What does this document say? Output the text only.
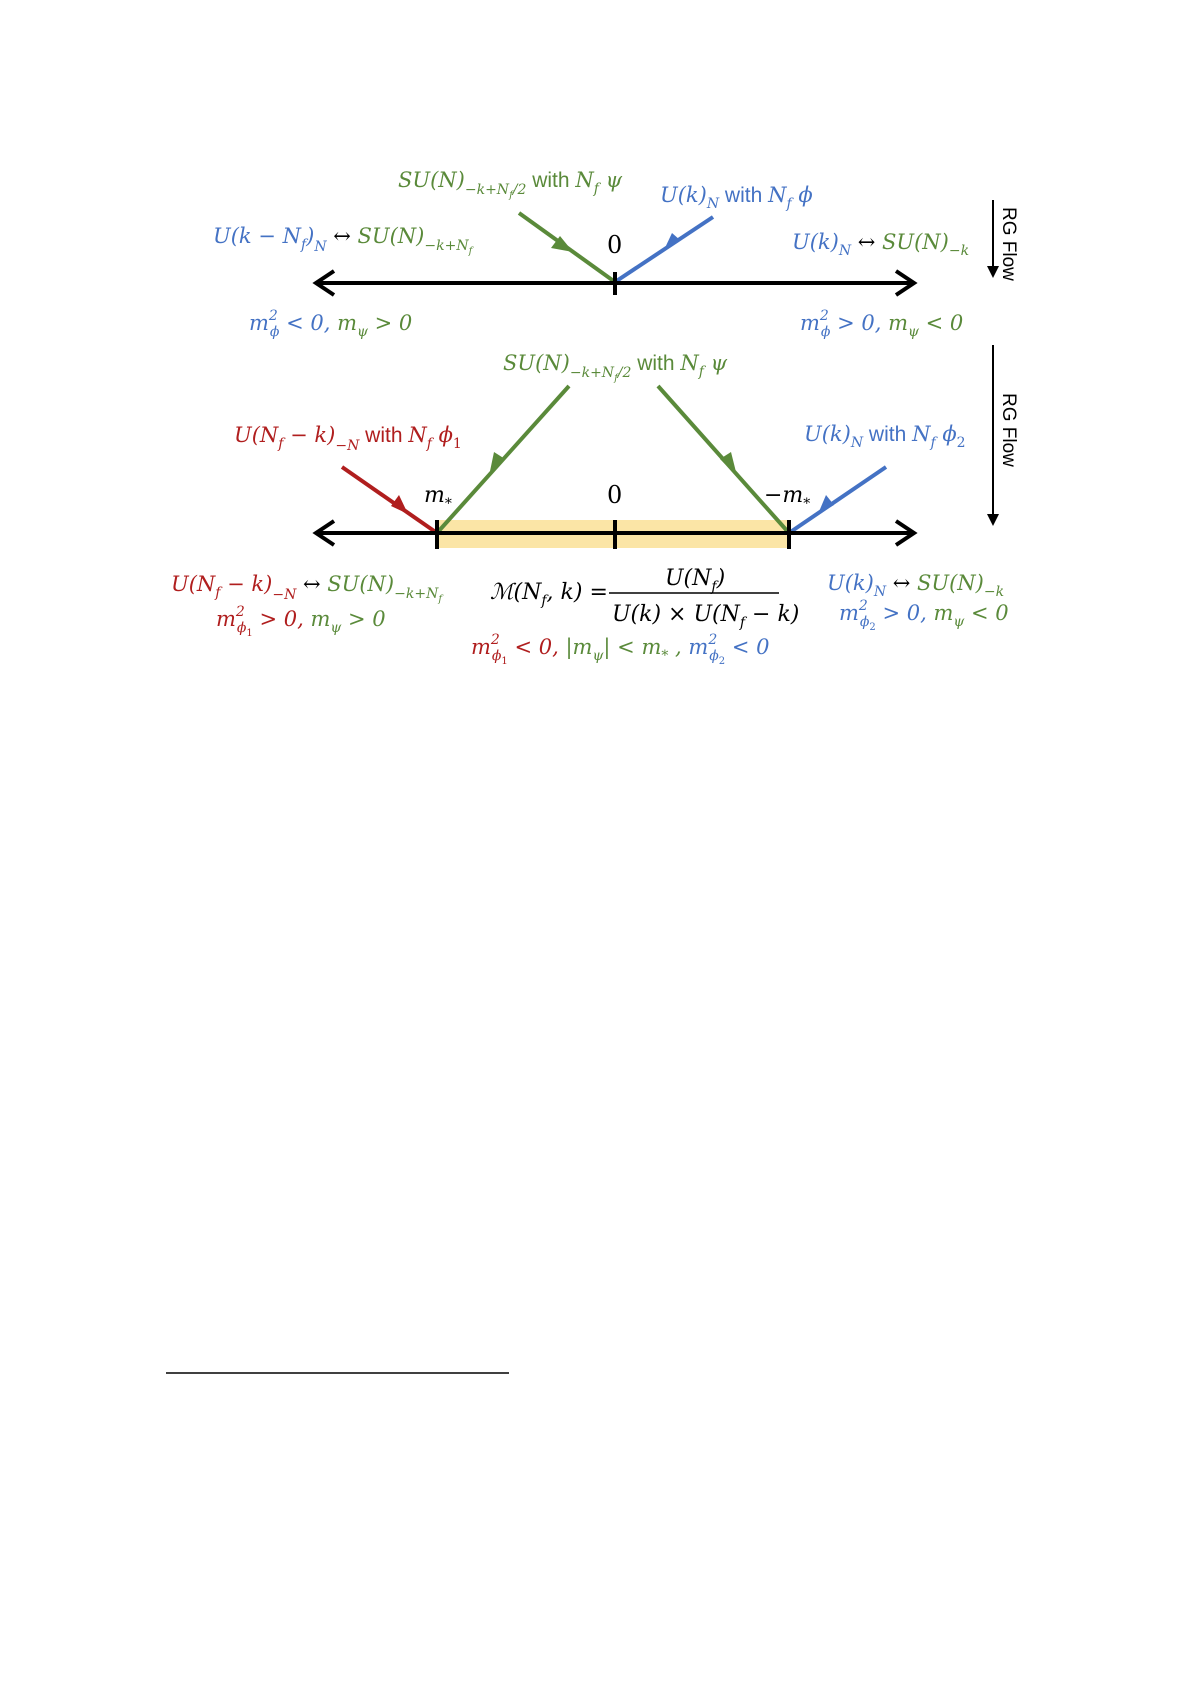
$SU(N)_{-k+N}f/2$ with $N_f$ ψ
$U(k)_N$ with $N_f$ ϕ
$U(k - N_f)_N$ ↔ $SU(N)_{-k+N}f$	$U(k)_N$ ↔ $SU(N)_{-k}$
0
$m^2$ ϕ < 0, $m_\psi > 0$	$m^2$ ϕ > 0, $m_\psi < 0$
RG Flow
$SU(N)_{-k+N}f/2$ with $N_f$ ψ
$U(N_f - k)_{-N}$ with $N_f$ $\phi_1$	$U(k)_N$ with $N_f$ $\phi_2$
$m_*$	0	$-m_*$
$U(N_f - k)_{-N}$ ↔ $SU(N)_{-k+N}f$
$m^2$ ϕ1 > 0, $m_\psi > 0$
$ℳ(N_f$, k) =
$U(N_f)$
$U(k) \times U(N_f - k)$
$m^2$ ϕ1 < 0, $|m_\psi| < m_*$ , $m^2$ ϕ2 < 0
$U(k)_N$ ↔ $SU(N)_{-k}$
$m^2$ ϕ2 > 0, $m_\psi < 0$
RG Flow
